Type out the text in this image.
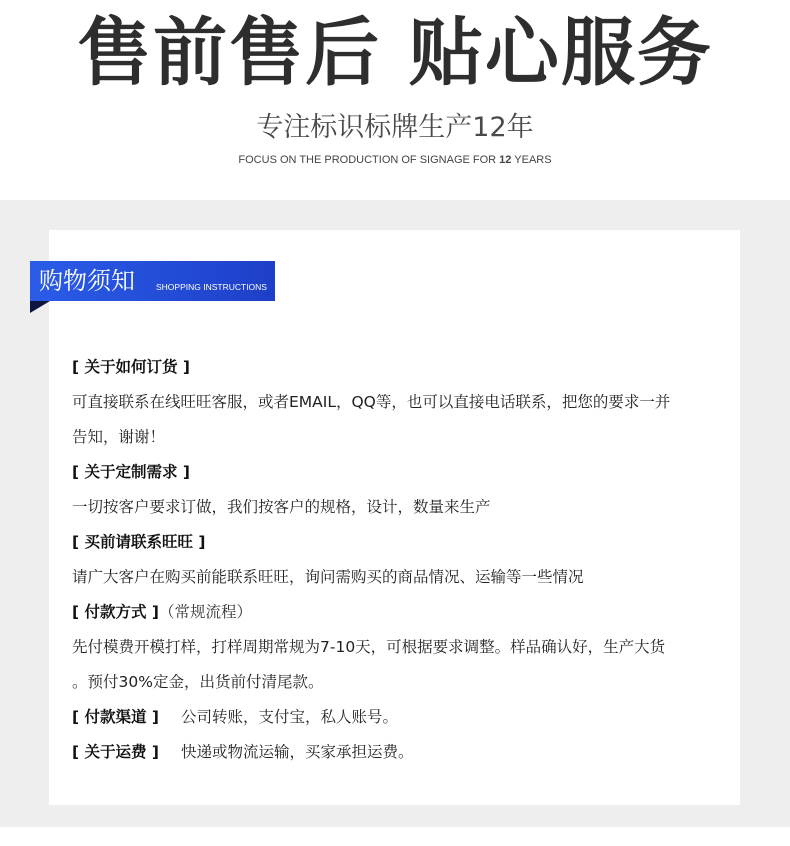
售前售后 贴心服务
专注标识标牌生产12年
FOCUS ON THE PRODUCTION OF SIGNAGE FOR 12 YEARS
购物须知 SHOPPING INSTRUCTIONS
[ 关于如何订货 ]
可直接联系在线旺旺客服，或者EMAIL，QQ等，也可以直接电话联系，把您的要求一并
告知，谢谢！
[ 关于定制需求 ]
一切按客户要求订做，我们按客户的规格，设计，数量来生产
[ 买前请联系旺旺 ]
请广大客户在购买前能联系旺旺，询问需购买的商品情况、运输等一些情况
[ 付款方式 ]（常规流程）
先付模费开模打样，打样周期常规为7-10天，可根据要求调整。样品确认好，生产大货
。预付30%定金，出货前付清尾款。
[ 付款渠道 ] 公司转账，支付宝，私人账号。
[ 关于运费 ] 快递或物流运输，买家承担运费。
